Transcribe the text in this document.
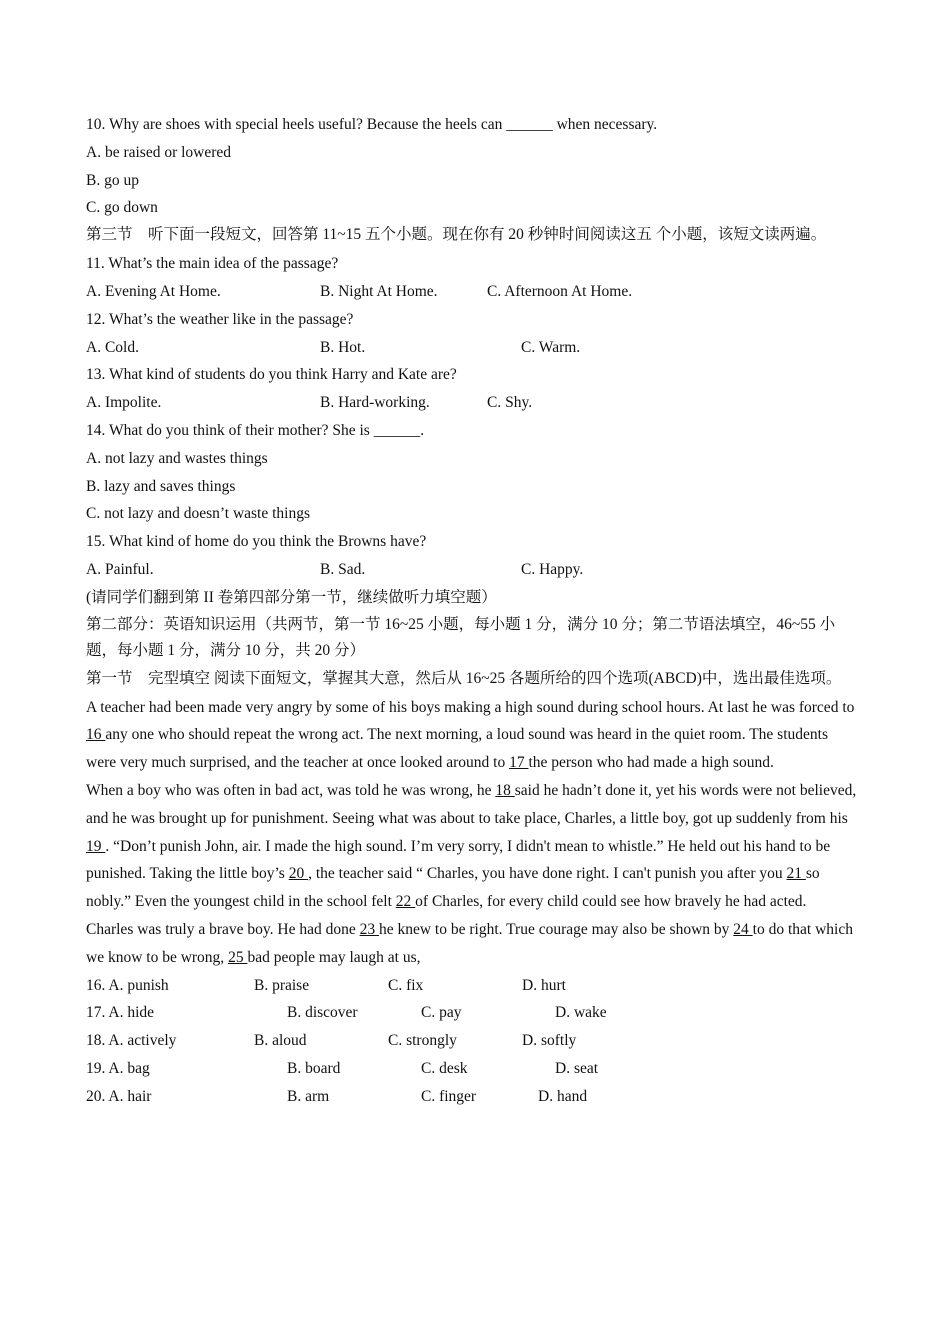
10. Why are shoes with special heels useful? Because the heels can ______ when necessary.
A. be raised or lowered
B. go up
C. go down
第三节　听下面一段短文，回答第 11~15 五个小题。现在你有 20 秒钟时间阅读这五 个小题，该短文读两遍。
11. What’s the main idea of the passage?
A. Evening At Home.	B. Night At Home.	C. Afternoon At Home.
12. What’s the weather like in the passage?
A. Cold.	B. Hot.	C. Warm.
13. What kind of students do you think Harry and Kate are?
A. Impolite.	B. Hard-working.	C. Shy.
14. What do you think of their mother? She is ______.
A. not lazy and wastes things
B. lazy and saves things
C. not lazy and doesn’t waste things
15. What kind of home do you think the Browns have?
A. Painful.	B. Sad.	C. Happy.
(请同学们翻到第 II 卷第四部分第一节，继续做听力填空题）
第二部分：英语知识运用（共两节，第一节 16~25 小题，每小题 1 分，满分 10 分；第二节语法填空，46~55 小题，每小题 1 分，满分 10 分，共 20 分）
第一节　完型填空 阅读下面短文，掌握其大意，然后从 16~25 各题所给的四个选项(ABCD)中，选出最佳选项。
A teacher had been made very angry by some of his boys making a high sound during school hours. At last he was forced to 16 any one who should repeat the wrong act. The next morning, a loud sound was heard in the quiet room. The students were very much surprised, and the teacher at once looked around to 17 the person who had made a high sound.
When a boy who was often in bad act, was told he was wrong, he 18 said he hadn’t done it, yet his words were not believed, and he was brought up for punishment. Seeing what was about to take place, Charles, a little boy, got up suddenly from his 19 . “Don’t punish John, air. I made the high sound. I’m very sorry, I didn't mean to whistle.” He held out his hand to be punished. Taking the little boy’s 20 , the teacher said “ Charles, you have done right. I can't punish you after you 21 so nobly.” Even the youngest child in the school felt 22 of Charles, for every child could see how bravely he had acted.
Charles was truly a brave boy. He had done 23 he knew to be right. True courage may also be shown by 24 to do that which we know to be wrong, 25 bad people may laugh at us,
16. A. punish	B. praise	C. fix	D. hurt
17. A. hide	B. discover	C. pay	D. wake
18. A. actively	B. aloud	C. strongly	D. softly
19. A. bag	B. board	C. desk	D. seat
20. A. hair	B. arm	C. finger	D. hand
